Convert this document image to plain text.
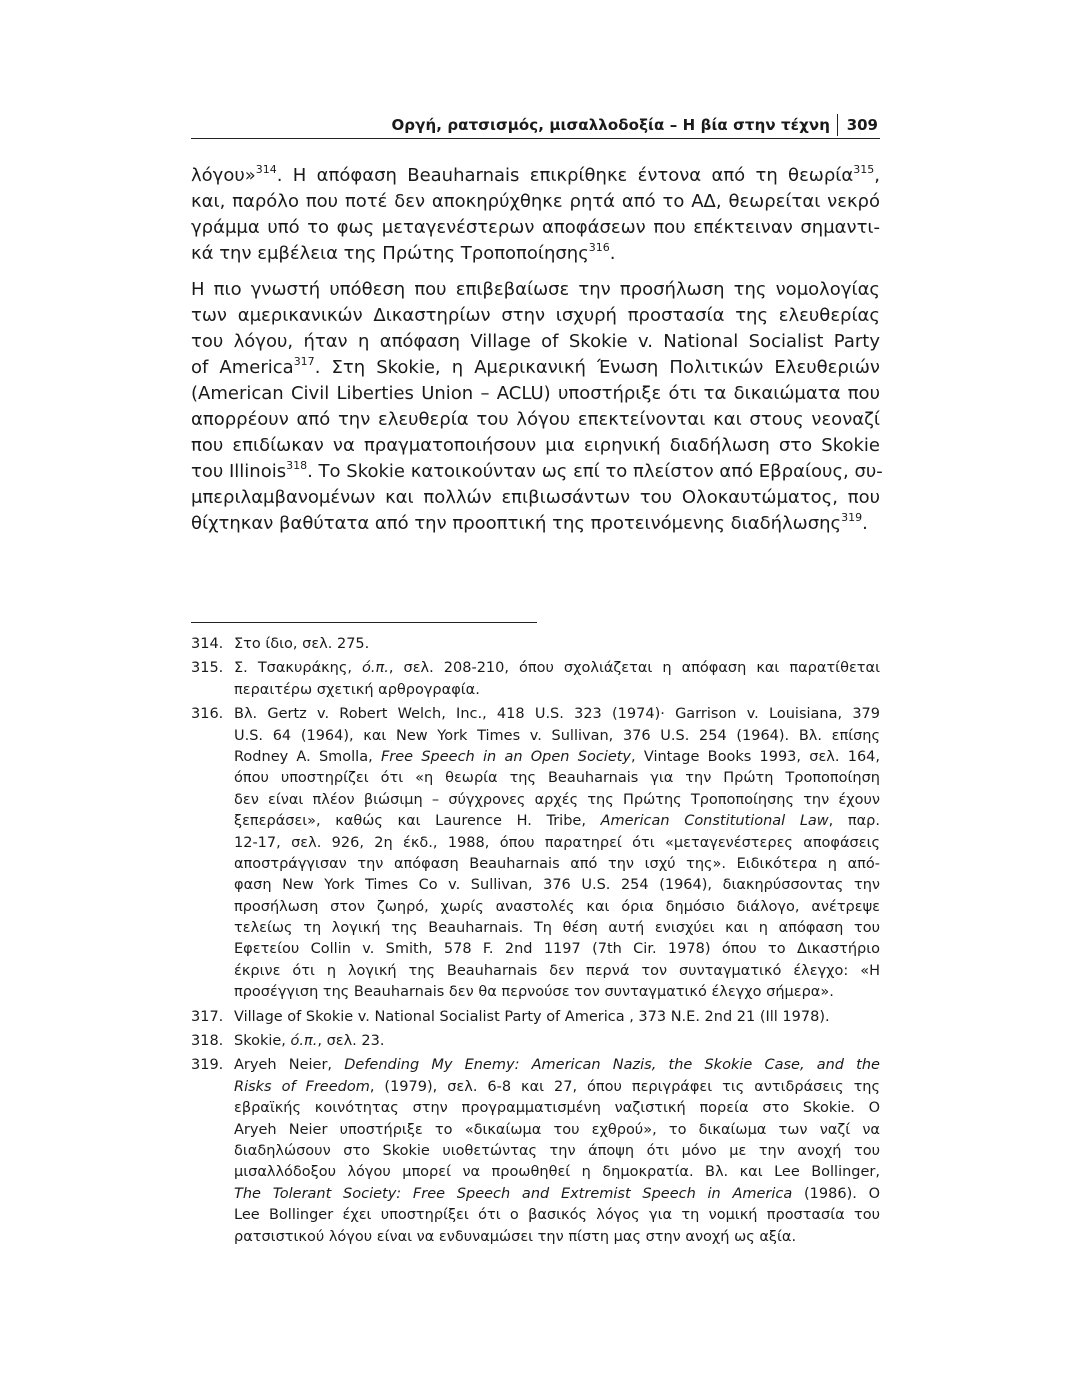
Οργή, ρατσισμός, μισαλλοδοξία – Η βία στην τέχνη 309
λόγου»$^{314}$. Η απόφαση Beauharnais επικρίθηκε έντονα από τη θεωρία$^{315}$,
και, παρόλο που ποτέ δεν αποκηρύχθηκε ρητά από το ΑΔ, θεωρείται νεκρό
γράμμα υπό το φως μεταγενέστερων αποφάσεων που επέκτειναν σημαντι-
κά την εμβέλεια της Πρώτης Τροποποίησης$^{316}$.
Η πιο γνωστή υπόθεση που επιβεβαίωσε την προσήλωση της νομολογίας
των αμερικανικών Δικαστηρίων στην ισχυρή προστασία της ελευθερίας
του λόγου, ήταν η απόφαση Village of Skokie v. National Socialist Party
of America$^{317}$. Στη Skokie, η Αμερικανική Ένωση Πολιτικών Ελευθεριών
(American Civil Liberties Union – ACLU) υποστήριξε ότι τα δικαιώματα που
απορρέουν από την ελευθερία του λόγου επεκτείνονται και στους νεοναζί
που επιδίωκαν να πραγματοποιήσουν μια ειρηνική διαδήλωση στο Skokie
του Illinois$^{318}$. Το Skokie κατοικούνταν ως επί το πλείστον από Εβραίους, συ-
μπεριλαμβανομένων και πολλών επιβιωσάντων του Ολοκαυτώματος, που
θίχτηκαν βαθύτατα από την προοπτική της προτεινόμενης διαδήλωσης$^{319}$.
314. Στο ίδιο, σελ. 275.
315. Σ. Τσακυράκης, ό.π., σελ. 208-210, όπου σχολιάζεται η απόφαση και παρατίθεται
περαιτέρω σχετική αρθρογραφία.
316. Βλ. Gertz v. Robert Welch, Inc., 418 U.S. 323 (1974)· Garrison v. Louisiana, 379
U.S. 64 (1964), και New York Times v. Sullivan, 376 U.S. 254 (1964). Βλ. επίσης
Rodney A. Smolla, Free Speech in an Open Society, Vintage Books 1993, σελ. 164,
όπου υποστηρίζει ότι «η θεωρία της Beauharnais για την Πρώτη Τροποποίηση
δεν είναι πλέον βιώσιμη – σύγχρονες αρχές της Πρώτης Τροποποίησης την έχουν
ξεπεράσει», καθώς και Laurence H. Tribe, American Constitutional Law, παρ.
12-17, σελ. 926, 2η έκδ., 1988, όπου παρατηρεί ότι «μεταγενέστερες αποφάσεις
αποστράγγισαν την απόφαση Beauharnais από την ισχύ της». Ειδικότερα η από-
φαση New York Times Co v. Sullivan, 376 U.S. 254 (1964), διακηρύσσοντας την
προσήλωση στον ζωηρό, χωρίς αναστολές και όρια δημόσιο διάλογο, ανέτρεψε
τελείως τη λογική της Beauharnais. Τη θέση αυτή ενισχύει και η απόφαση του
Εφετείου Collin v. Smith, 578 F. 2nd 1197 (7th Cir. 1978) όπου το Δικαστήριο
έκρινε ότι η λογική της Beauharnais δεν περνά τον συνταγματικό έλεγχο: «Η
προσέγγιση της Beauharnais δεν θα περνούσε τον συνταγματικό έλεγχο σήμερα».
317. Village of Skokie v. National Socialist Party of America , 373 N.E. 2nd 21 (Ill 1978).
318. Skokie, ό.π., σελ. 23.
319. Aryeh Neier, Defending My Enemy: American Nazis, the Skokie Case, and the
Risks of Freedom, (1979), σελ. 6-8 και 27, όπου περιγράφει τις αντιδράσεις της
εβραϊκής κοινότητας στην προγραμματισμένη ναζιστική πορεία στο Skokie. Ο
Aryeh Neier υποστήριξε το «δικαίωμα του εχθρού», το δικαίωμα των ναζί να
διαδηλώσουν στο Skokie υιοθετώντας την άποψη ότι μόνο με την ανοχή του
μισαλλόδοξου λόγου μπορεί να προωθηθεί η δημοκρατία. Βλ. και Lee Bollinger,
The Tolerant Society: Free Speech and Extremist Speech in America (1986). Ο
Lee Bollinger έχει υποστηρίξει ότι ο βασικός λόγος για τη νομική προστασία του
ρατσιστικού λόγου είναι να ενδυναμώσει την πίστη μας στην ανοχή ως αξία.
